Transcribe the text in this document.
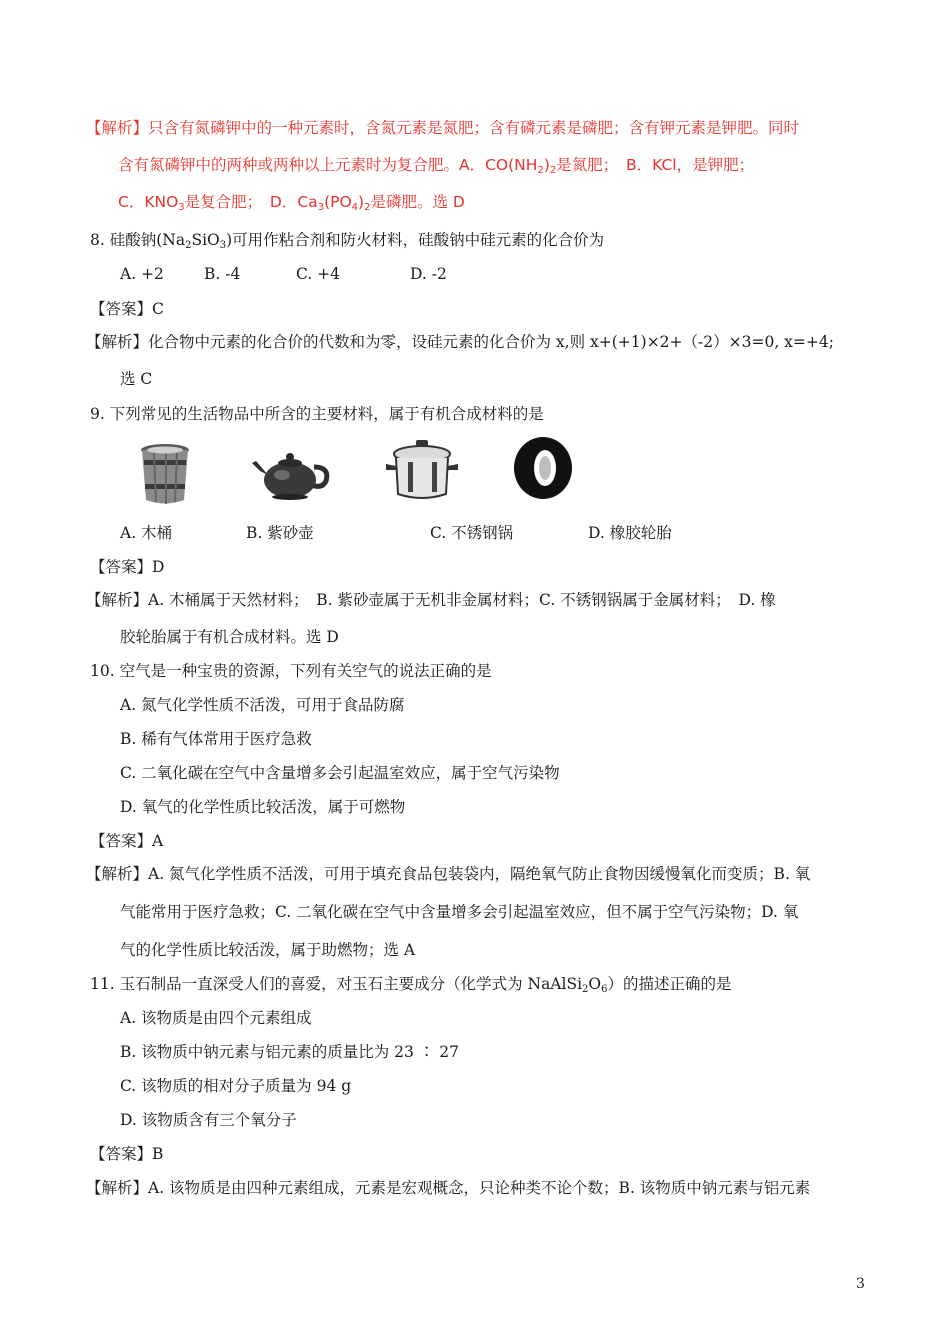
【解析】只含有氮磷钾中的一种元素时，含氮元素是氮肥；含有磷元素是磷肥；含有钾元素是钾肥。同时
含有氮磷钾中的两种或两种以上元素时为复合肥。A．$CO(NH_2)_2$是氮肥；　B．KCl，是钾肥；
C．$KNO_3$是复合肥；　D．$Ca_3(PO_4)_2$是磷肥。选 D
8. 硅酸钠$(Na_2SiO_3)$可用作粘合剂和防火材料，硅酸钠中硅元素的化合价为
A. +2	B. -4	C. +4	D. -2
【答案】C
【解析】化合物中元素的化合价的代数和为零，设硅元素的化合价为 x,则 x+(+1)×2+（-2）×3=0, x=+4;
选 C
9. 下列常见的生活物品中所含的主要材料，属于有机合成材料的是
A. 木桶	B. 紫砂壶	C. 不锈钢锅	D. 橡胶轮胎
【答案】D
【解析】A. 木桶属于天然材料；　B. 紫砂壶属于无机非金属材料；C. 不锈钢锅属于金属材料；　D. 橡
胶轮胎属于有机合成材料。选 D
10. 空气是一种宝贵的资源，下列有关空气的说法正确的是
A. 氮气化学性质不活泼，可用于食品防腐
B. 稀有气体常用于医疗急救
C. 二氧化碳在空气中含量增多会引起温室效应，属于空气污染物
D. 氧气的化学性质比较活泼，属于可燃物
【答案】A
【解析】A. 氮气化学性质不活泼，可用于填充食品包装袋内，隔绝氧气防止食物因缓慢氧化而变质；B. 氧
气能常用于医疗急救；C. 二氧化碳在空气中含量增多会引起温室效应，但不属于空气污染物；D. 氧
气的化学性质比较活泼，属于助燃物；选 A
11. 玉石制品一直深受人们的喜爱，对玉石主要成分（化学式为 $NaAlSi_2O_6$）的描述正确的是
A. 该物质是由四个元素组成
B. 该物质中钠元素与铝元素的质量比为 23 ∶ 27
C. 该物质的相对分子质量为 94 g
D. 该物质含有三个氧分子
【答案】B
【解析】A. 该物质是由四种元素组成，元素是宏观概念，只论种类不论个数；B. 该物质中钠元素与铝元素
3
